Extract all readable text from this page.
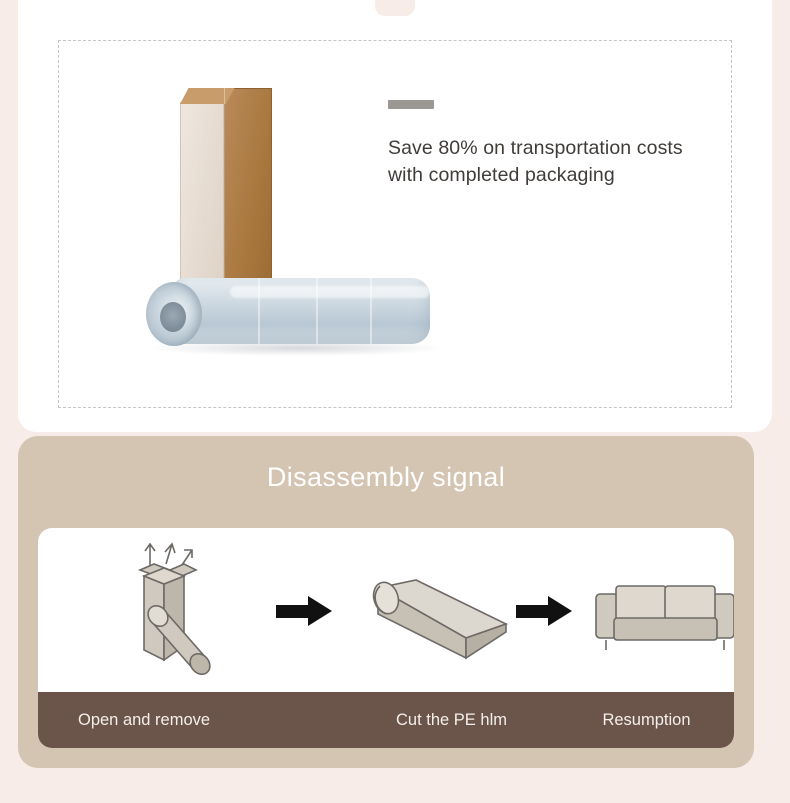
Save 80% on transportation costs
with completed packaging
Disassembly signal
Open and remove	Cut the PE hlm	Resumption
